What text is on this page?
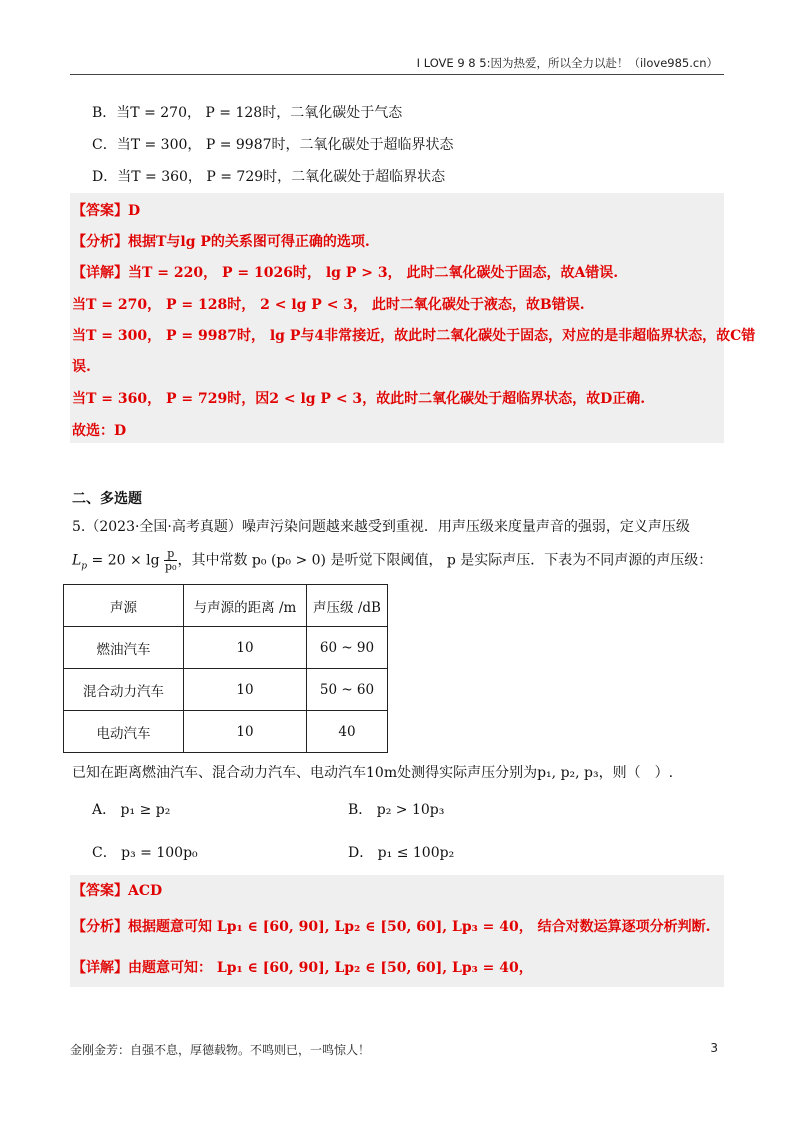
I LOVE 9 8 5:因为热爱，所以全力以赴！（ilove985.cn）
B．当T = 270， P = 128时，二氧化碳处于气态
C．当T = 300， P = 9987时，二氧化碳处于超临界状态
D．当T = 360， P = 729时，二氧化碳处于超临界状态
【答案】D
【分析】根据T与lg P的关系图可得正确的选项.
【详解】当T = 220， P = 1026时， lg P > 3， 此时二氧化碳处于固态，故A错误.
当T = 270， P = 128时， 2 < lg P < 3， 此时二氧化碳处于液态，故B错误.
当T = 300， P = 9987时， lg P与4非常接近，故此时二氧化碳处于固态，对应的是非超临界状态，故C错
误.
当T = 360， P = 729时，因2 < lg P < 3，故此时二氧化碳处于超临界状态，故D正确.
故选：D
二、多选题
5.（2023·全国·高考真题）噪声污染问题越来越受到重视．用声压级来度量声音的强弱，定义声压级
$L_p = 20 \times \lg \frac{p}{\text{p₀}}$ ，其中常数 p₀ (p₀ > 0) 是听觉下限阈值， p 是实际声压．下表为不同声源的声压级：
声源	与声源的距离 /m	声压级 /dB
燃油汽车	10	60 ~ 90
混合动力汽车	10	50 ~ 60
电动汽车	10	40
已知在距离燃油汽车、混合动力汽车、电动汽车10m处测得实际声压分别为p₁, p₂, p₃，则（　）.
A． p₁ ≥ p₂	B． p₂ > 10p₃
C． p₃ = 100p₀	D． p₁ ≤ 100p₂
【答案】ACD
【分析】根据题意可知 Lp₁ ∈ [60, 90], Lp₂ ∈ [50, 60], Lp₃ = 40， 结合对数运算逐项分析判断.
【详解】由题意可知： Lp₁ ∈ [60, 90], Lp₂ ∈ [50, 60], Lp₃ = 40，
金刚金芳：自强不息，厚德载物。不鸣则已，一鸣惊人！	3
